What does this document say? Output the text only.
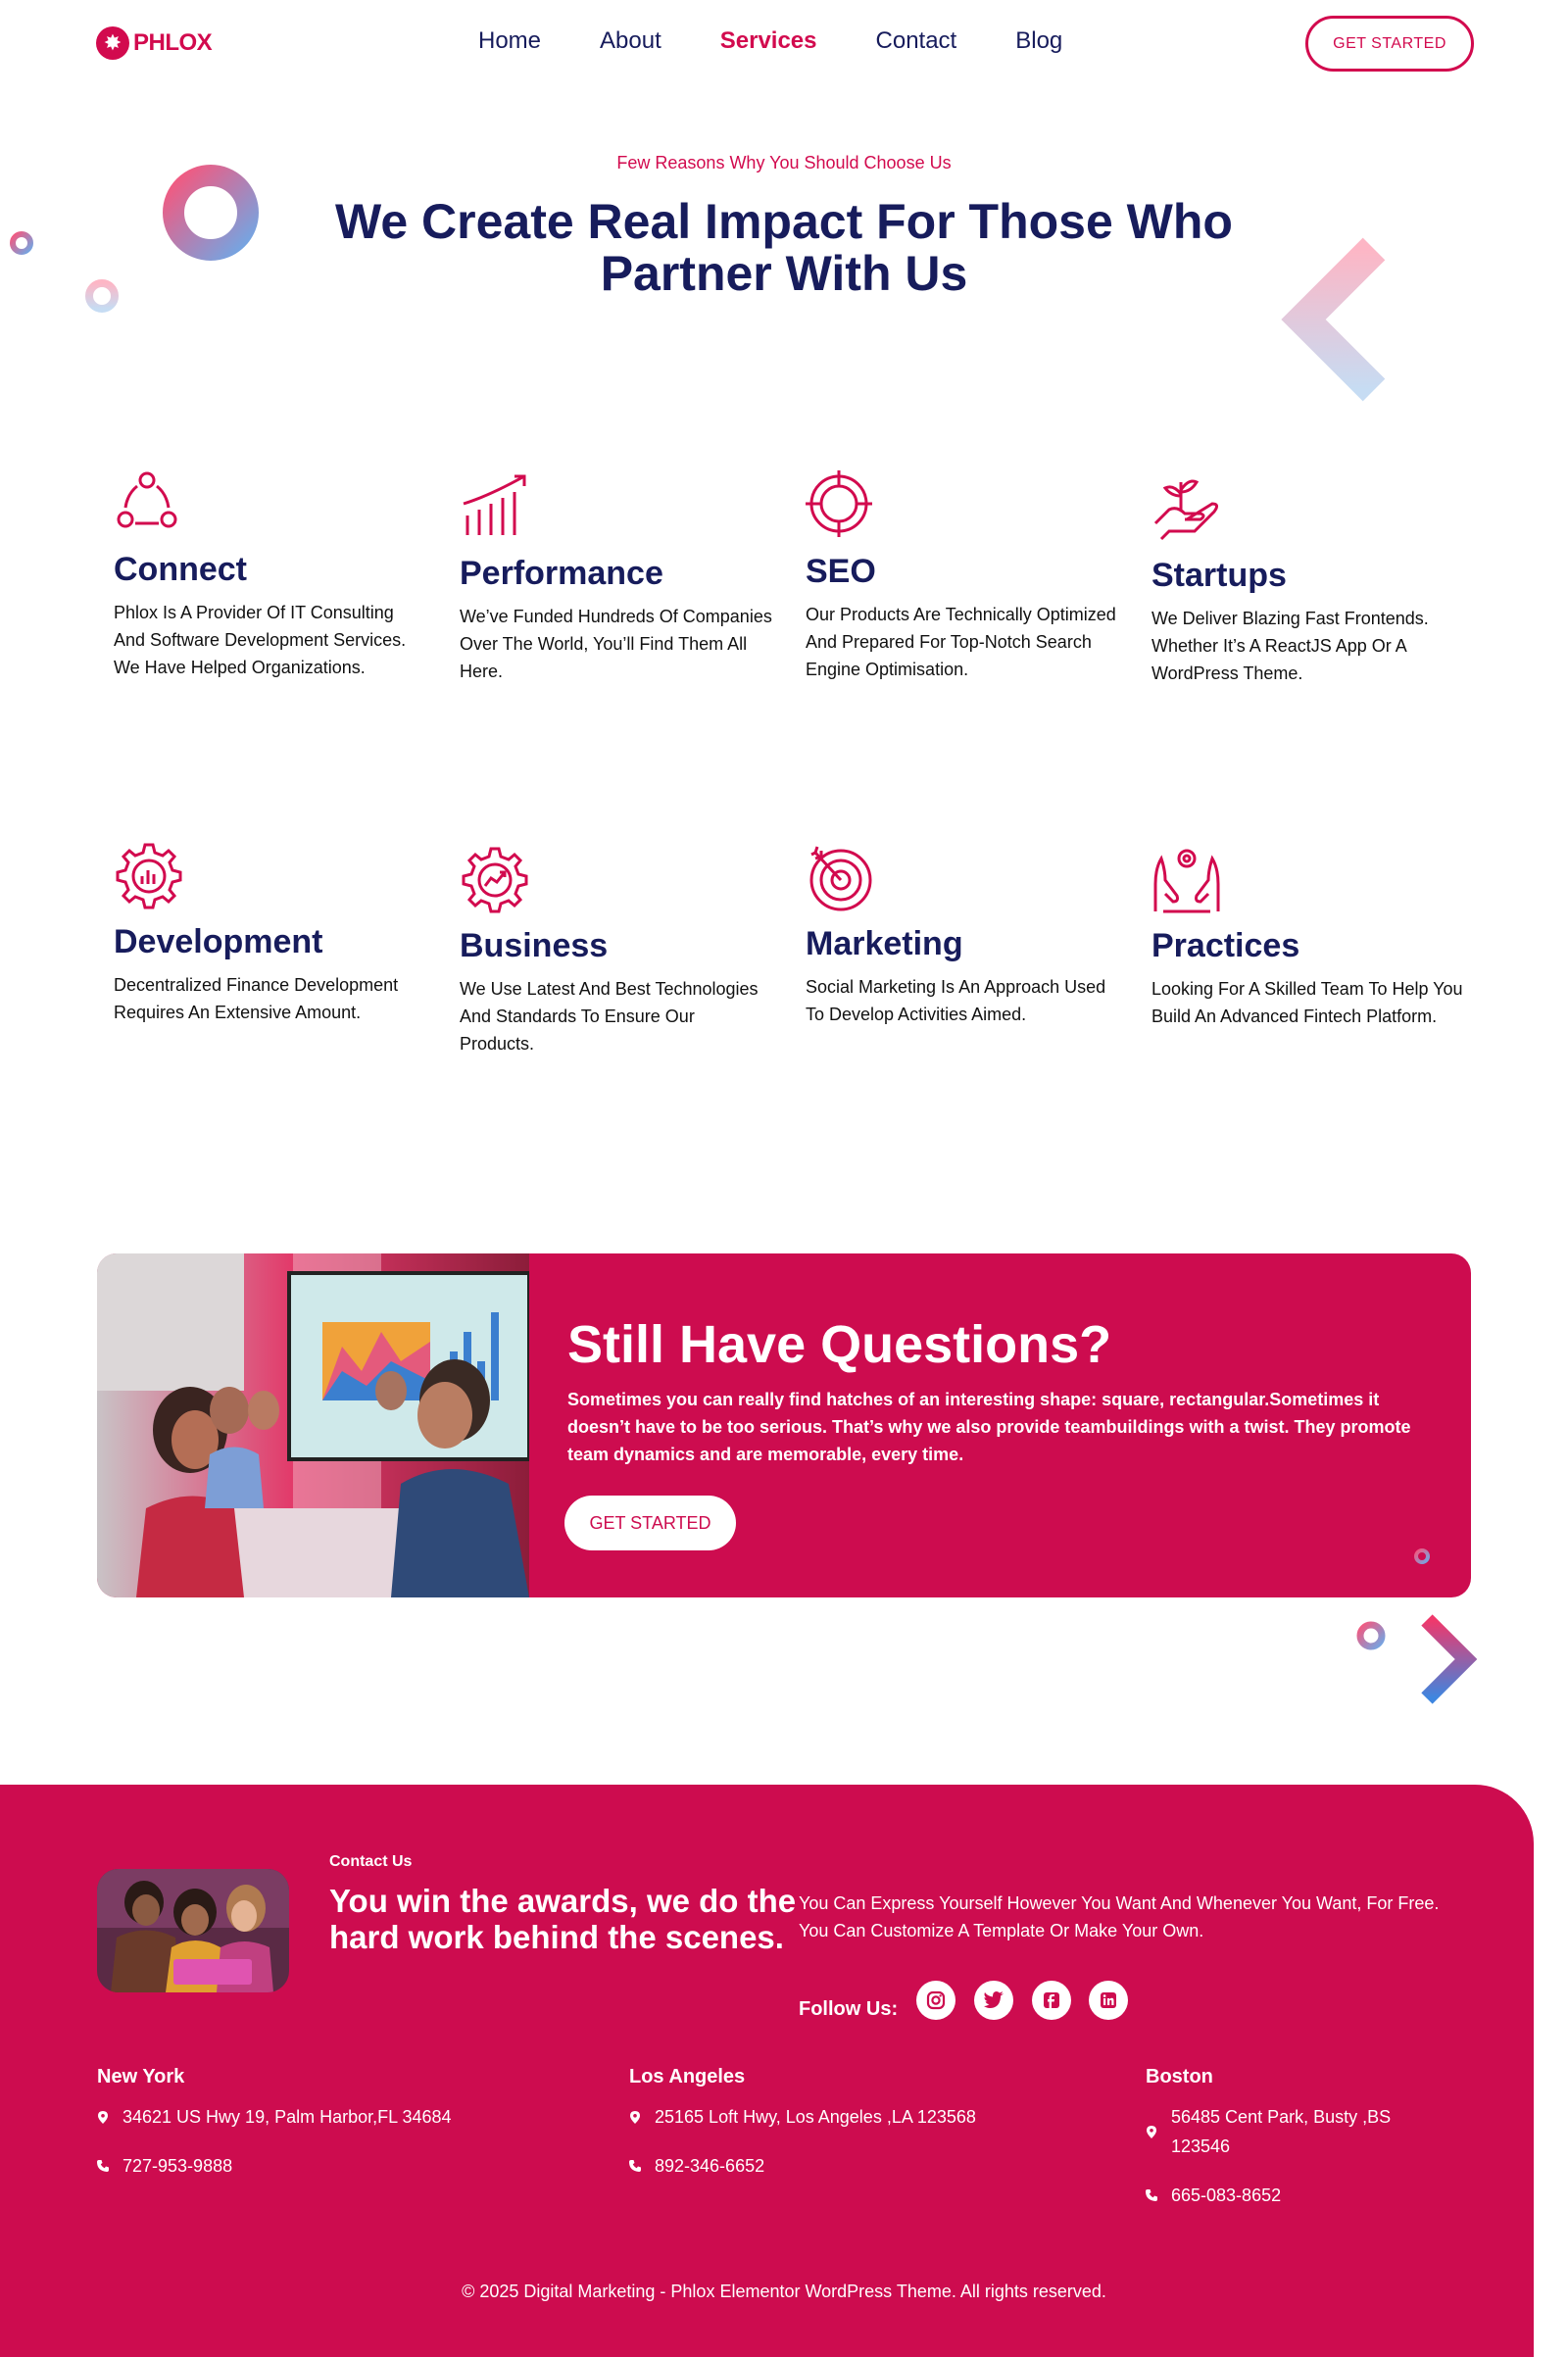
✸ PHLOX	Home	About	Services	Contact	Blog	GET STARTED
Few Reasons Why You Should Choose Us
We Create Real Impact For Those Who Partner With Us
Connect

Phlox Is A Provider Of IT Consulting And Software Development Services. We Have Helped Organizations.

Performance

We’ve Funded Hundreds Of Companies Over The World, You’ll Find Them All Here.

SEO

Our Products Are Technically Optimized And Prepared For Top-Notch Search Engine Optimisation.

Startups

We Deliver Blazing Fast Frontends. Whether It’s A ReactJS App Or A WordPress Theme.

Development

Decentralized Finance Development Requires An Extensive Amount.

Business

We Use Latest And Best Technologies And Standards To Ensure Our Products.

Marketing

Social Marketing Is An Approach Used To Develop Activities Aimed.

Practices

Looking For A Skilled Team To Help You Build An Advanced Fintech Platform.

Still Have Questions?
Sometimes you can really find hatches of an interesting shape: square, rectangular.Sometimes it doesn’t have to be too serious. That’s why we also provide teambuildings with a twist. They promote team dynamics and are memorable, every time.
GET STARTED
Contact Us
You win the awards, we do the hard work behind the scenes.
You Can Express Yourself However You Want And Whenever You Want, For Free. You Can Customize A Template Or Make Your Own.
Follow Us:
New York
34621 US Hwy 19, Palm Harbor,FL 34684
727-953-9888
Los Angeles
25165 Loft Hwy, Los Angeles ,LA 123568
892-346-6652
Boston
56485 Cent Park, Busty ,BS 123546
665-083-8652
© 2025 Digital Marketing - Phlox Elementor WordPress Theme. All rights reserved.
